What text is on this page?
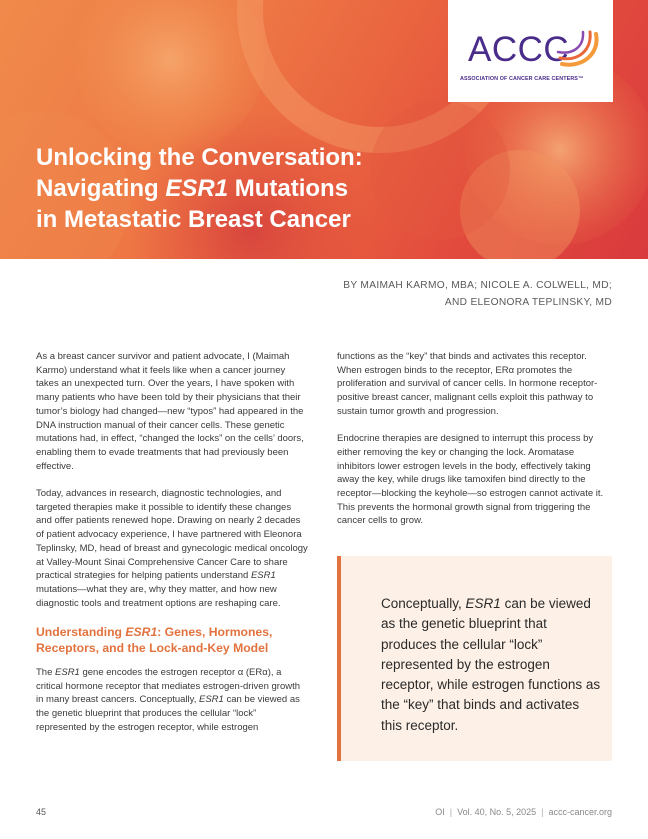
ACCC
ASSOCIATION OF CANCER CARE CENTERS™
Unlocking the Conversation:
Navigating ESR1 Mutations
in Metastatic Breast Cancer
BY MAIMAH KARMO, MBA; NICOLE A. COLWELL, MD;
AND ELEONORA TEPLINSKY, MD

As a breast cancer survivor and patient advocate, I (Maimah Karmo) understand what it feels like when a cancer journey takes an unexpected turn. Over the years, I have spoken with many patients who have been told by their physicians that their tumor’s biology had changed—new “typos” had appeared in the DNA instruction manual of their cancer cells. These genetic mutations had, in effect, “changed the locks” on the cells’ doors, enabling them to evade treatments that had previously been effective.

Today, advances in research, diagnostic technologies, and targeted therapies make it possible to identify these changes and offer patients renewed hope. Drawing on nearly 2 decades of patient advocacy experience, I have partnered with Eleonora Teplinsky, MD, head of breast and gynecologic medical oncology at Valley-Mount Sinai Comprehensive Cancer Care to share practical strategies for helping patients understand ESR1 mutations—what they are, why they matter, and how new diagnostic tools and treatment options are reshaping care.

Understanding ESR1: Genes, Hormones, Receptors, and the Lock-and-Key Model

The ESR1 gene encodes the estrogen receptor α (ERα), a critical hormone receptor that mediates estrogen-driven growth in many breast cancers. Conceptually, ESR1 can be viewed as the genetic blueprint that produces the cellular “lock” represented by the estrogen receptor, while estrogen

functions as the “key” that binds and activates this receptor. When estrogen binds to the receptor, ERα promotes the proliferation and survival of cancer cells. In hormone receptor-positive breast cancer, malignant cells exploit this pathway to sustain tumor growth and progression.

Endocrine therapies are designed to interrupt this process by either removing the key or changing the lock. Aromatase inhibitors lower estrogen levels in the body, effectively taking away the key, while drugs like tamoxifen bind directly to the receptor—blocking the keyhole—so estrogen cannot activate it. This prevents the hormonal growth signal from triggering the cancer cells to grow.

Conceptually, ESR1 can be viewed as the genetic blueprint that produces the cellular “lock” represented by the estrogen receptor, while estrogen functions as the “key” that binds and activates this receptor.
45	OI | Vol. 40, No. 5, 2025 | accc-cancer.org
